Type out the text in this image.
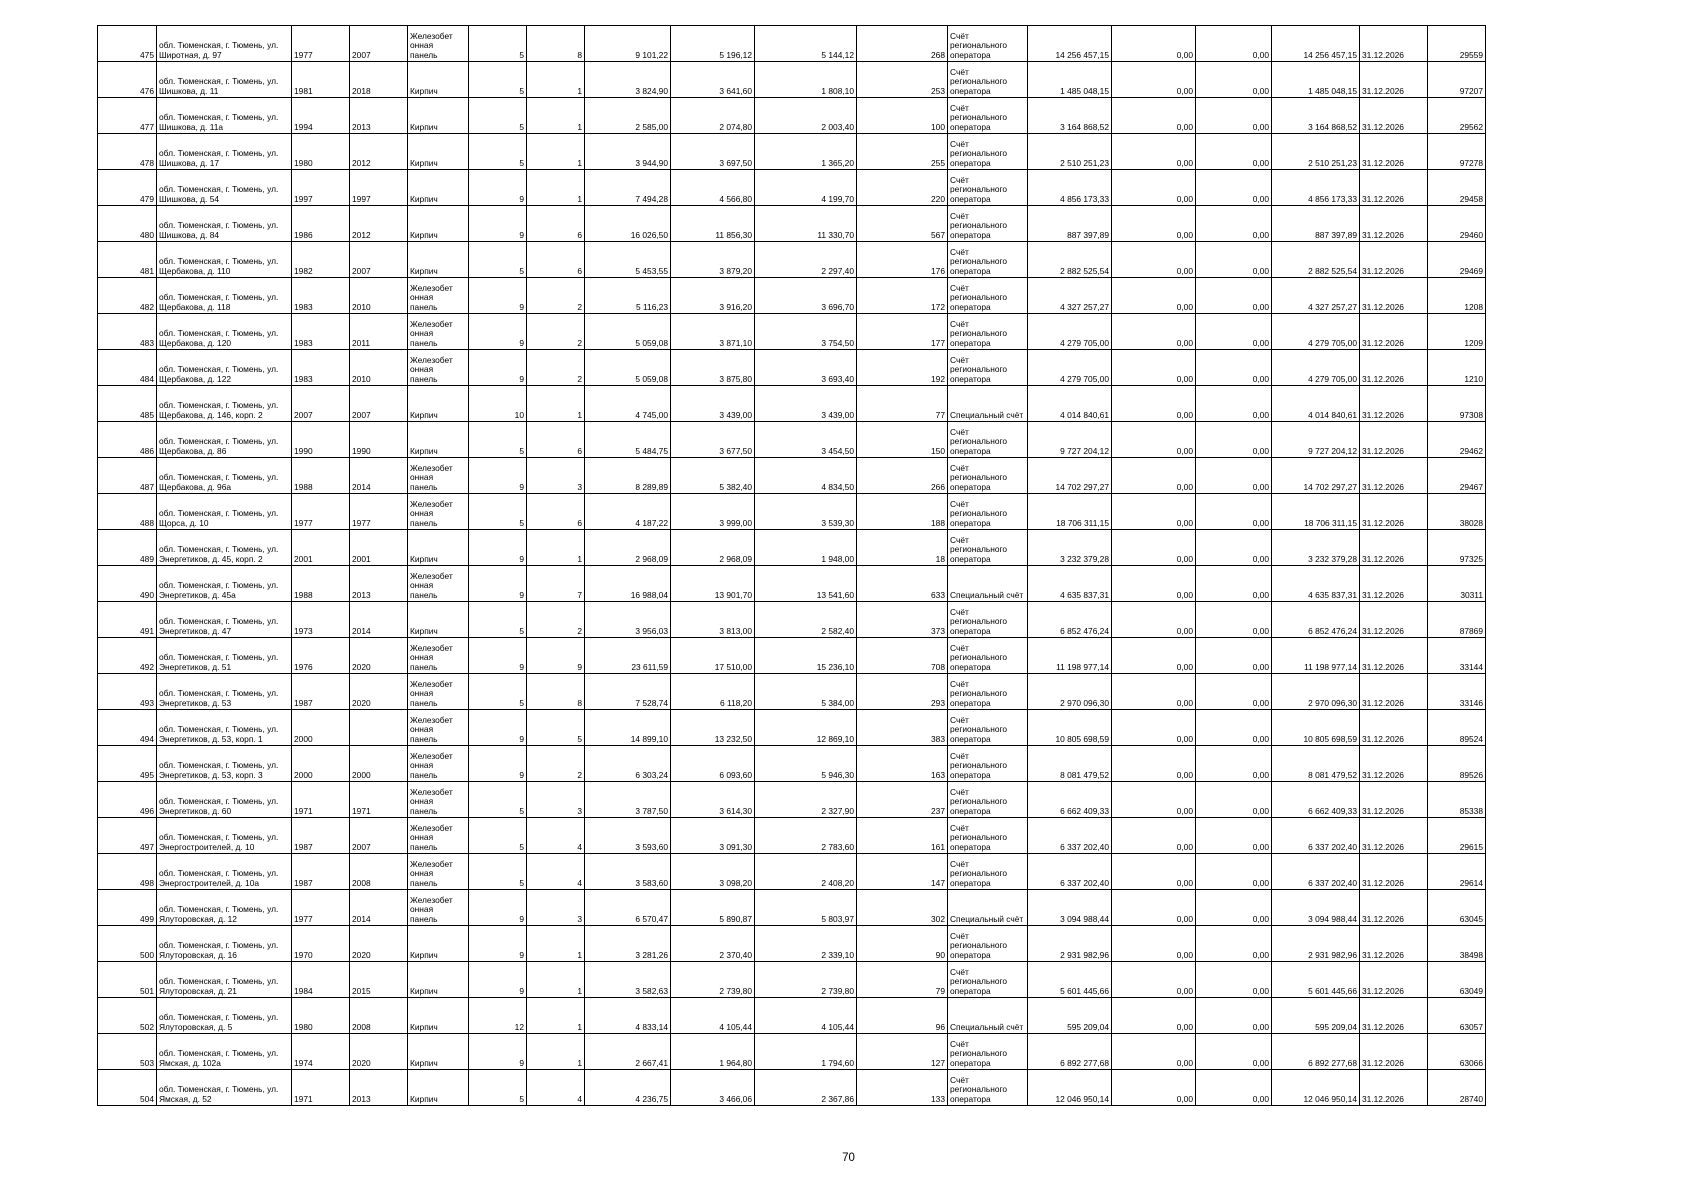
475	обл. Тюменская, г. Тюмень, ул. Широтная, д. 97	1977	2007	Железобет
онная
панель	5	8	9 101,22	5 196,12	5 144,12	268	Счёт регионального оператора	14 256 457,15	0,00	0,00	14 256 457,15	31.12.2026	29559
476	обл. Тюменская, г. Тюмень, ул. Шишкова, д. 11	1981	2018	Кирпич	5	1	3 824,90	3 641,60	1 808,10	253	Счёт регионального оператора	1 485 048,15	0,00	0,00	1 485 048,15	31.12.2026	97207
477	обл. Тюменская, г. Тюмень, ул. Шишкова, д. 11а	1994	2013	Кирпич	5	1	2 585,00	2 074,80	2 003,40	100	Счёт регионального оператора	3 164 868,52	0,00	0,00	3 164 868,52	31.12.2026	29562
478	обл. Тюменская, г. Тюмень, ул. Шишкова, д. 17	1980	2012	Кирпич	5	1	3 944,90	3 697,50	1 365,20	255	Счёт регионального оператора	2 510 251,23	0,00	0,00	2 510 251,23	31.12.2026	97278
479	обл. Тюменская, г. Тюмень, ул. Шишкова, д. 54	1997	1997	Кирпич	9	1	7 494,28	4 566,80	4 199,70	220	Счёт регионального оператора	4 856 173,33	0,00	0,00	4 856 173,33	31.12.2026	29458
480	обл. Тюменская, г. Тюмень, ул. Шишкова, д. 84	1986	2012	Кирпич	9	6	16 026,50	11 856,30	11 330,70	567	Счёт регионального оператора	887 397,89	0,00	0,00	887 397,89	31.12.2026	29460
481	обл. Тюменская, г. Тюмень, ул. Щербакова, д. 110	1982	2007	Кирпич	5	6	5 453,55	3 879,20	2 297,40	176	Счёт регионального оператора	2 882 525,54	0,00	0,00	2 882 525,54	31.12.2026	29469
482	обл. Тюменская, г. Тюмень, ул. Щербакова, д. 118	1983	2010	Железобет
онная
панель	9	2	5 116,23	3 916,20	3 696,70	172	Счёт регионального оператора	4 327 257,27	0,00	0,00	4 327 257,27	31.12.2026	1208
483	обл. Тюменская, г. Тюмень, ул. Щербакова, д. 120	1983	2011	Железобет
онная
панель	9	2	5 059,08	3 871,10	3 754,50	177	Счёт регионального оператора	4 279 705,00	0,00	0,00	4 279 705,00	31.12.2026	1209
484	обл. Тюменская, г. Тюмень, ул. Щербакова, д. 122	1983	2010	Железобет
онная
панель	9	2	5 059,08	3 875,80	3 693,40	192	Счёт регионального оператора	4 279 705,00	0,00	0,00	4 279 705,00	31.12.2026	1210
485	обл. Тюменская, г. Тюмень, ул. Щербакова, д. 146, корп. 2	2007	2007	Кирпич	10	1	4 745,00	3 439,00	3 439,00	77	Специальный счёт	4 014 840,61	0,00	0,00	4 014 840,61	31.12.2026	97308
486	обл. Тюменская, г. Тюмень, ул. Щербакова, д. 86	1990	1990	Кирпич	5	6	5 484,75	3 677,50	3 454,50	150	Счёт регионального оператора	9 727 204,12	0,00	0,00	9 727 204,12	31.12.2026	29462
487	обл. Тюменская, г. Тюмень, ул. Щербакова, д. 96а	1988	2014	Железобет
онная
панель	9	3	8 289,89	5 382,40	4 834,50	266	Счёт регионального оператора	14 702 297,27	0,00	0,00	14 702 297,27	31.12.2026	29467
488	обл. Тюменская, г. Тюмень, ул. Щорса, д. 10	1977	1977	Железобет
онная
панель	5	6	4 187,22	3 999,00	3 539,30	188	Счёт регионального оператора	18 706 311,15	0,00	0,00	18 706 311,15	31.12.2026	38028
489	обл. Тюменская, г. Тюмень, ул. Энергетиков, д. 45, корп. 2	2001	2001	Кирпич	9	1	2 968,09	2 968,09	1 948,00	18	Счёт регионального оператора	3 232 379,28	0,00	0,00	3 232 379,28	31.12.2026	97325
490	обл. Тюменская, г. Тюмень, ул. Энергетиков, д. 45а	1988	2013	Железобет
онная
панель	9	7	16 988,04	13 901,70	13 541,60	633	Специальный счёт	4 635 837,31	0,00	0,00	4 635 837,31	31.12.2026	30311
491	обл. Тюменская, г. Тюмень, ул. Энергетиков, д. 47	1973	2014	Кирпич	5	2	3 956,03	3 813,00	2 582,40	373	Счёт регионального оператора	6 852 476,24	0,00	0,00	6 852 476,24	31.12.2026	87869
492	обл. Тюменская, г. Тюмень, ул. Энергетиков, д. 51	1976	2020	Железобет
онная
панель	9	9	23 611,59	17 510,00	15 236,10	708	Счёт регионального оператора	11 198 977,14	0,00	0,00	11 198 977,14	31.12.2026	33144
493	обл. Тюменская, г. Тюмень, ул. Энергетиков, д. 53	1987	2020	Железобет
онная
панель	5	8	7 528,74	6 118,20	5 384,00	293	Счёт регионального оператора	2 970 096,30	0,00	0,00	2 970 096,30	31.12.2026	33146
494	обл. Тюменская, г. Тюмень, ул. Энергетиков, д. 53, корп. 1	2000		Железобет
онная
панель	9	5	14 899,10	13 232,50	12 869,10	383	Счёт регионального оператора	10 805 698,59	0,00	0,00	10 805 698,59	31.12.2026	89524
495	обл. Тюменская, г. Тюмень, ул. Энергетиков, д. 53, корп. 3	2000	2000	Железобет
онная
панель	9	2	6 303,24	6 093,60	5 946,30	163	Счёт регионального оператора	8 081 479,52	0,00	0,00	8 081 479,52	31.12.2026	89526
496	обл. Тюменская, г. Тюмень, ул. Энергетиков, д. 60	1971	1971	Железобет
онная
панель	5	3	3 787,50	3 614,30	2 327,90	237	Счёт регионального оператора	6 662 409,33	0,00	0,00	6 662 409,33	31.12.2026	85338
497	обл. Тюменская, г. Тюмень, ул. Энергостроителей, д. 10	1987	2007	Железобет
онная
панель	5	4	3 593,60	3 091,30	2 783,60	161	Счёт регионального оператора	6 337 202,40	0,00	0,00	6 337 202,40	31.12.2026	29615
498	обл. Тюменская, г. Тюмень, ул. Энергостроителей, д. 10а	1987	2008	Железобет
онная
панель	5	4	3 583,60	3 098,20	2 408,20	147	Счёт регионального оператора	6 337 202,40	0,00	0,00	6 337 202,40	31.12.2026	29614
499	обл. Тюменская, г. Тюмень, ул. Ялуторовская, д. 12	1977	2014	Железобет
онная
панель	9	3	6 570,47	5 890,87	5 803,97	302	Специальный счёт	3 094 988,44	0,00	0,00	3 094 988,44	31.12.2026	63045
500	обл. Тюменская, г. Тюмень, ул. Ялуторовская, д. 16	1970	2020	Кирпич	9	1	3 281,26	2 370,40	2 339,10	90	Счёт регионального оператора	2 931 982,96	0,00	0,00	2 931 982,96	31.12.2026	38498
501	обл. Тюменская, г. Тюмень, ул. Ялуторовская, д. 21	1984	2015	Кирпич	9	1	3 582,63	2 739,80	2 739,80	79	Счёт регионального оператора	5 601 445,66	0,00	0,00	5 601 445,66	31.12.2026	63049
502	обл. Тюменская, г. Тюмень, ул. Ялуторовская, д. 5	1980	2008	Кирпич	12	1	4 833,14	4 105,44	4 105,44	96	Специальный счёт	595 209,04	0,00	0,00	595 209,04	31.12.2026	63057
503	обл. Тюменская, г. Тюмень, ул. Ямская, д. 102а	1974	2020	Кирпич	9	1	2 667,41	1 964,80	1 794,60	127	Счёт регионального оператора	6 892 277,68	0,00	0,00	6 892 277,68	31.12.2026	63066
504	обл. Тюменская, г. Тюмень, ул. Ямская, д. 52	1971	2013	Кирпич	5	4	4 236,75	3 466,06	2 367,86	133	Счёт регионального оператора	12 046 950,14	0,00	0,00	12 046 950,14	31.12.2026	28740
70
